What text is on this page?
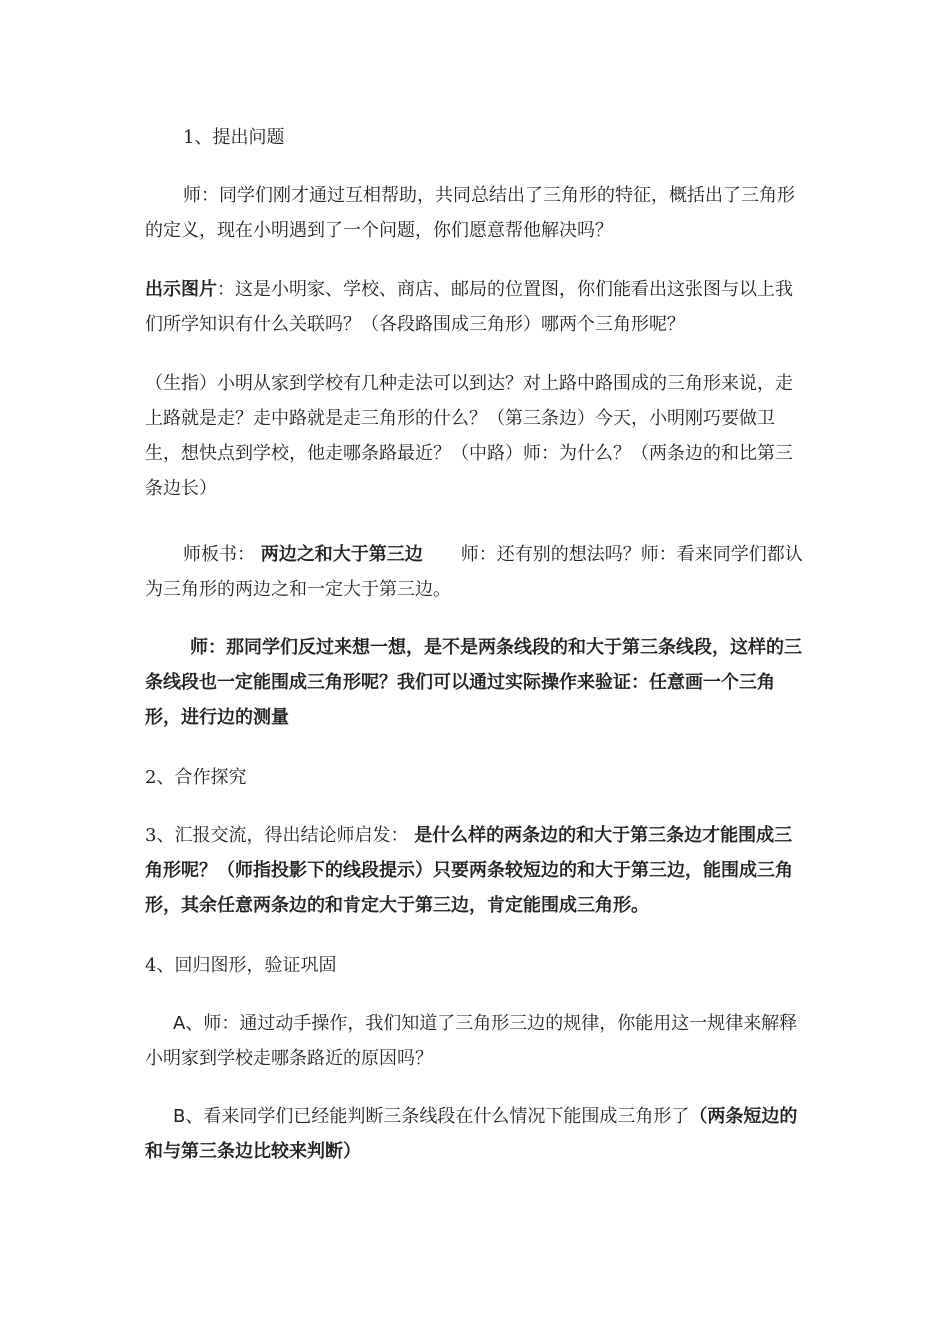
1、提出问题

师：同学们刚才通过互相帮助，共同总结出了三角形的特征，概括出了三角形的定义，现在小明遇到了一个问题，你们愿意帮他解决吗？

出示图片：这是小明家、学校、商店、邮局的位置图，你们能看出这张图与以上我们所学知识有什么关联吗？（各段路围成三角形）哪两个三角形呢？

（生指）小明从家到学校有几种走法可以到达？对上路中路围成的三角形来说，走上路就是走？走中路就是走三角形的什么？（第三条边）今天，小明刚巧要做卫生，想快点到学校，他走哪条路最近？（中路）师：为什么？（两条边的和比第三条边长）

师板书： 两边之和大于第三边 师：还有别的想法吗？师：看来同学们都认为三角形的两边之和一定大于第三边。

师：那同学们反过来想一想，是不是两条线段的和大于第三条线段，这样的三条线段也一定能围成三角形呢？我们可以通过实际操作来验证：任意画一个三角形，进行边的测量

2、合作探究

3、汇报交流，得出结论师启发： 是什么样的两条边的和大于第三条边才能围成三角形呢？（师指投影下的线段提示）只要两条较短边的和大于第三边，能围成三角形，其余任意两条边的和肯定大于第三边，肯定能围成三角形。

4、回归图形，验证巩固

A、师：通过动手操作，我们知道了三角形三边的规律，你能用这一规律来解释小明家到学校走哪条路近的原因吗？

B、看来同学们已经能判断三条线段在什么情况下能围成三角形了（两条短边的和与第三条边比较来判断）
